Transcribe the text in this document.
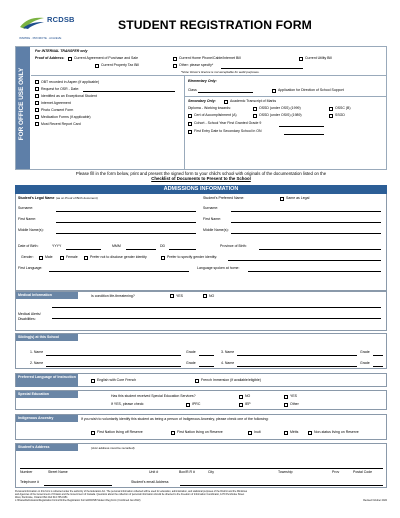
RCDSB
INSPIRE · PROMOTE · ACHIEVE
STUDENT REGISTRATION FORM
FOR OFFICE USE ONLY
For INTERNAL TRANSFER only
Proof of Address:	Current Agreement of Purchase and Sale	Current Home Phone/Cable/Internet Bill	Current Utility Bill
Current Property Tax Bill	Other: please specify*
*Note: Driver's licence is not acceptable for audit purposes.
OBT recorded in Aspen (if applicable)
Request for OSR - Date:
Identified as an Exceptional Student
Internet Agreement
Photo Consent Form
Medication Forms (if applicable)
Most Recent Report Card
Elementary Only:
Class	Application for Direction of School Support
Secondary Only:	Academic Transcript of Marks
Diploma - Working towards:	OSSD (under OSS) (1999)	OSSC (B)
Cert of Accomplishment (A)	OSSD (under OSIS) (1989)	SSGD
Cohort - School Year First Granted Grade 9
First Entry Date to Secondary School in ON
Please fill in the form below, print and present the signed form to your child's school with originals of the documentation listed on the
Checklist of Documents to Present to the School
ADMISSIONS INFORMATION
Student's Legal Name (as on Proof of Birth document)	Student's Preferred Name:	Same as Legal
Surname:	Surname:
First Name:	First Name:
Middle Name(s):	Middle Name(s):
Date of Birth:	YYYY	MMM	DD	Province of Birth:
Gender:	Male	Female	Prefer not to disclose gender identity	Prefer to specify gender identity:
First Language:	Language spoken at home:
Medical Information	Is condition life-threatening?	YES	NO
Medical Alerts/ Disabilities:
Sibling(s) at this School
1. Name	Grade	3. Name	Grade
2. Name	Grade	4. Name	Grade
Preferred Language of Instruction
English with Core French	French Immersion (if available/eligible)
Special Education	Has this student received Special Education Services?	NO	YES
If YES, please check:	IPRC	IEP	Other
Indigenous Ancestry	If you wish to voluntarily identify this student as being a person of Indigenous Ancestry, please check one of the following:
First Nation living off Reserve	First Nation living on Reserve	Inuit	Métis	Non-status living on Reserve
Student's Address	(civic address must be recorded)
Number	Street Name	Unit #	Box/R.R #	City	Township	Prov	Postal Code
Telephone #	Student's email Address
Personal information on this form is collected under the authority of the Education Act. The personal information collected will be used for education, administration, and statistical purposes of the District and the Ministries
and Agencies of the Government of Ontario and the Government of Canada. Questions about the collection of personal information should be directed to the Freedom of Information Coordinator, 1270 Pembroke Street
West, Pembroke, Ontario K8A 4G4 613-735-0151
L:\Shared\Admissions\Registration Forms\Online Registration Forms\RCDSB Student Reg Form (Combined Jan 2022)	Revised October 2022
